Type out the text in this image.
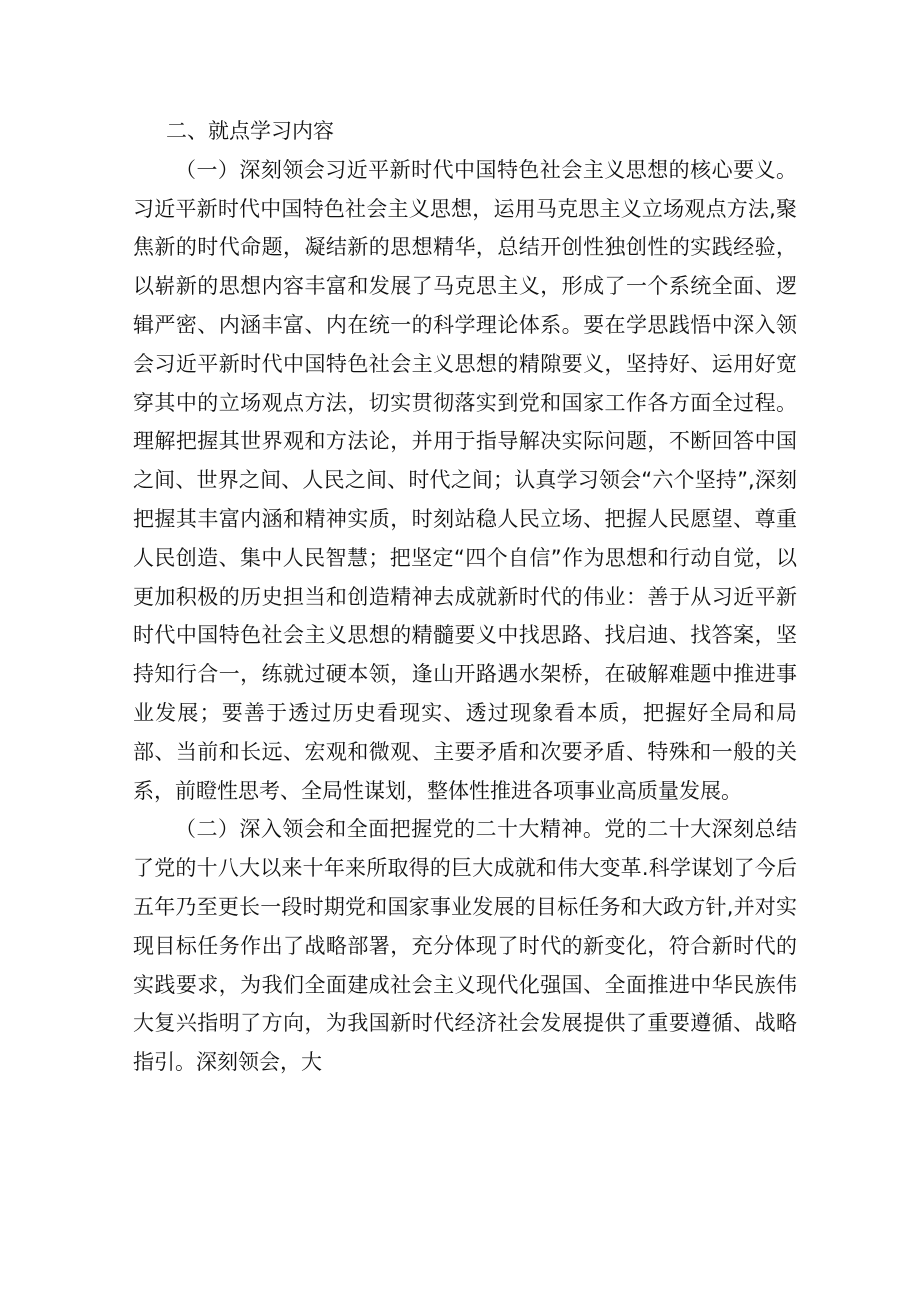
二、就点学习内容

（一）深刻领会习近平新时代中国特色社会主义思想的核心要义。习近平新时代中国特色社会主义思想，运用马克思主义立场观点方法,聚焦新的时代命题，凝结新的思想精华，总结开创性独创性的实践经验，以崭新的思想内容丰富和发展了马克思主义，形成了一个系统全面、逻辑严密、内涵丰富、内在统一的科学理论体系。要在学思践悟中深入领会习近平新时代中国特色社会主义思想的精隙要义，坚持好、运用好宽穿其中的立场观点方法，切实贯彻落实到党和国家工作各方面全过程。理解把握其世界观和方法论，并用于指导解决实际问题，不断回答中国之间、世界之间、人民之间、时代之间；认真学习领会“六个坚持”,深刻把握其丰富内涵和精神实质，时刻站稳人民立场、把握人民愿望、尊重人民创造、集中人民智慧；把坚定“四个自信”作为思想和行动自觉，以更加积极的历史担当和创造精神去成就新时代的伟业：善于从习近平新时代中国特色社会主义思想的精髓要义中找思路、找启迪、找答案，坚持知行合一，练就过硬本领，逢山开路遇水架桥，在破解难题中推进事业发展；要善于透过历史看现实、透过现象看本质，把握好全局和局部、当前和长远、宏观和微观、主要矛盾和次要矛盾、特殊和一般的关系，前瞪性思考、全局性谋划，整体性推进各项事业高质量发展。

（二）深入领会和全面把握党的二十大精神。党的二十大深刻总结了党的十八大以来十年来所取得的巨大成就和伟大变革.科学谋划了今后五年乃至更长一段时期党和国家事业发展的目标任务和大政方针,并对实现目标任务作出了战略部署，充分体现了时代的新变化，符合新时代的实践要求，为我们全面建成社会主义现代化强国、全面推进中华民族伟大复兴指明了方向，为我国新时代经济社会发展提供了重要遵循、战略指引。深刻领会，大
